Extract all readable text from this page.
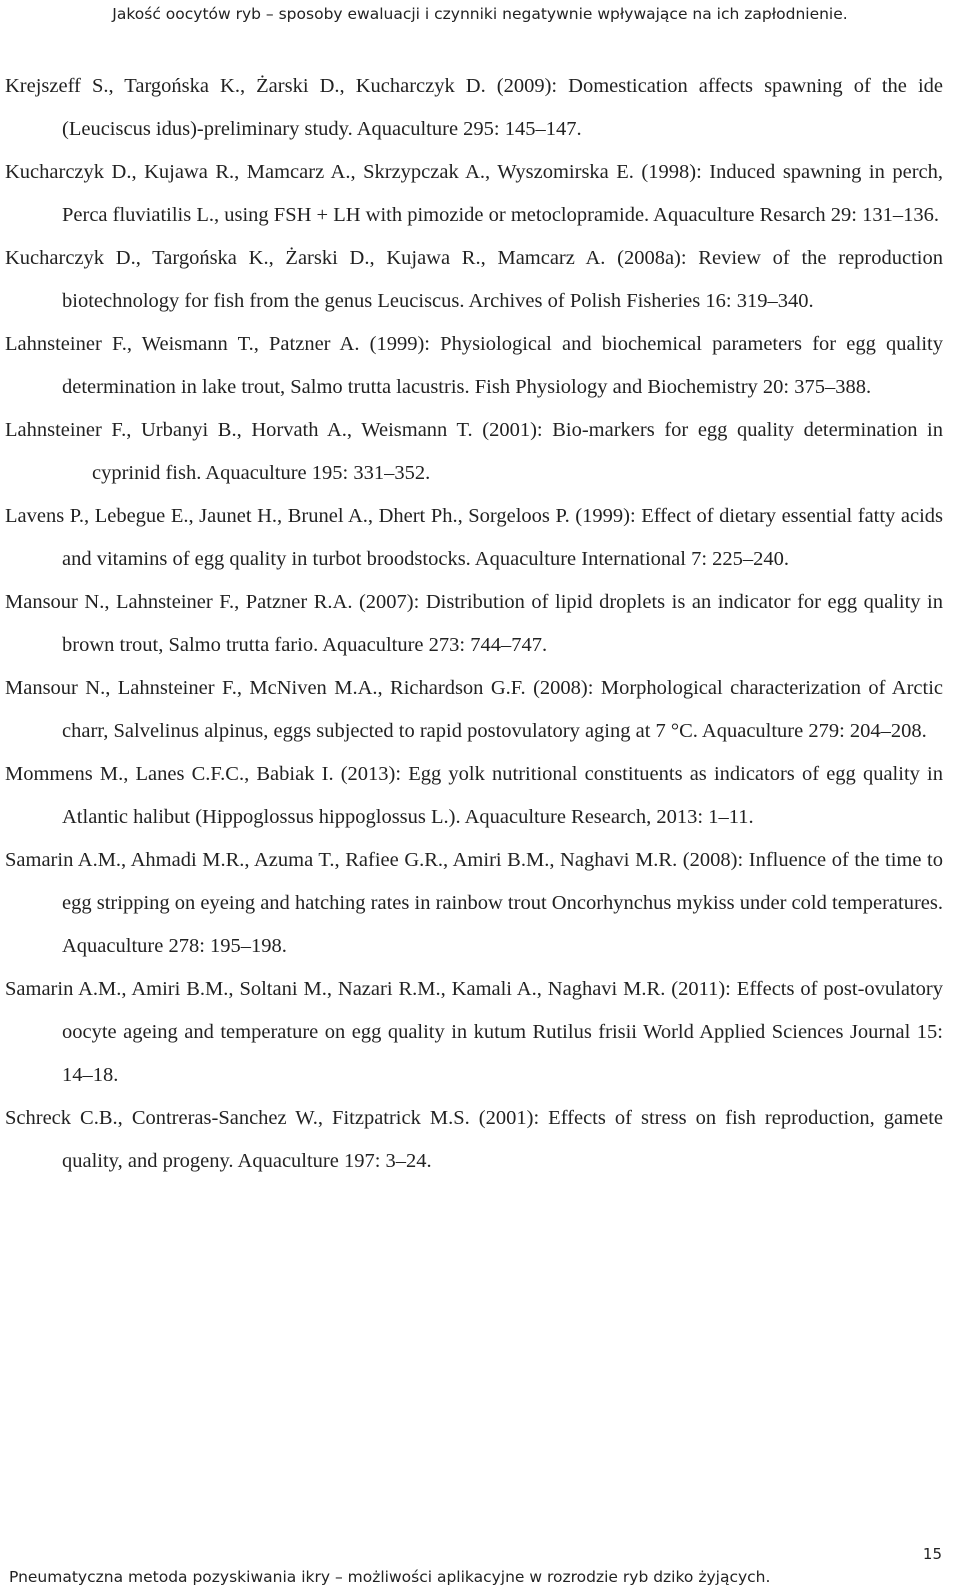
Jakość oocytów ryb – sposoby ewaluacji i czynniki negatywnie wpływające na ich zapłodnienie.

Krejszeff S., Targońska K., Żarski D., Kucharczyk D. (2009): Domestication affects spawning of the ide (Leuciscus idus)-preliminary study. Aquaculture 295: 145–147.

Kucharczyk D., Kujawa R., Mamcarz A., Skrzypczak A., Wyszomirska E. (1998): Induced spawning in perch, Perca fluviatilis L., using FSH + LH with pimozide or metoclopramide. Aquaculture Resarch 29: 131–136.

Kucharczyk D., Targońska K., Żarski D., Kujawa R., Mamcarz A. (2008a): Review of the reproduction biotechnology for fish from the genus Leuciscus. Archives of Polish Fisheries 16: 319–340.

Lahnsteiner F., Weismann T., Patzner A. (1999): Physiological and biochemical parameters for egg quality determination in lake trout, Salmo trutta lacustris. Fish Physiology and Biochemistry 20: 375–388.

Lahnsteiner F., Urbanyi B., Horvath A., Weismann T. (2001): Bio-markers for egg quality determination in cyprinid fish. Aquaculture 195: 331–352.

Lavens P., Lebegue E., Jaunet H., Brunel A., Dhert Ph., Sorgeloos P. (1999): Effect of dietary essential fatty acids and vitamins of egg quality in turbot broodstocks. Aquaculture International 7: 225–240.

Mansour N., Lahnsteiner F., Patzner R.A. (2007): Distribution of lipid droplets is an indicator for egg quality in brown trout, Salmo trutta fario. Aquaculture 273: 744–747.

Mansour N., Lahnsteiner F., McNiven M.A., Richardson G.F. (2008): Morphological characterization of Arctic charr, Salvelinus alpinus, eggs subjected to rapid postovulatory aging at 7 °C. Aquaculture 279: 204–208.

Mommens M., Lanes C.F.C., Babiak I. (2013): Egg yolk nutritional constituents as indicators of egg quality in Atlantic halibut (Hippoglossus hippoglossus L.). Aquaculture Research, 2013: 1–11.

Samarin A.M., Ahmadi M.R., Azuma T., Rafiee G.R., Amiri B.M., Naghavi M.R. (2008): Influence of the time to egg stripping on eyeing and hatching rates in rainbow trout Oncorhynchus mykiss under cold temperatures. Aquaculture 278: 195–198.

Samarin A.M., Amiri B.M., Soltani M., Nazari R.M., Kamali A., Naghavi M.R. (2011): Effects of post-ovulatory oocyte ageing and temperature on egg quality in kutum Rutilus frisii World Applied Sciences Journal 15: 14–18.

Schreck C.B., Contreras-Sanchez W., Fitzpatrick M.S. (2001): Effects of stress on fish reproduction, gamete quality, and progeny. Aquaculture 197: 3–24.

15
Pneumatyczna metoda pozyskiwania ikry – możliwości aplikacyjne w rozrodzie ryb dziko żyjących.
